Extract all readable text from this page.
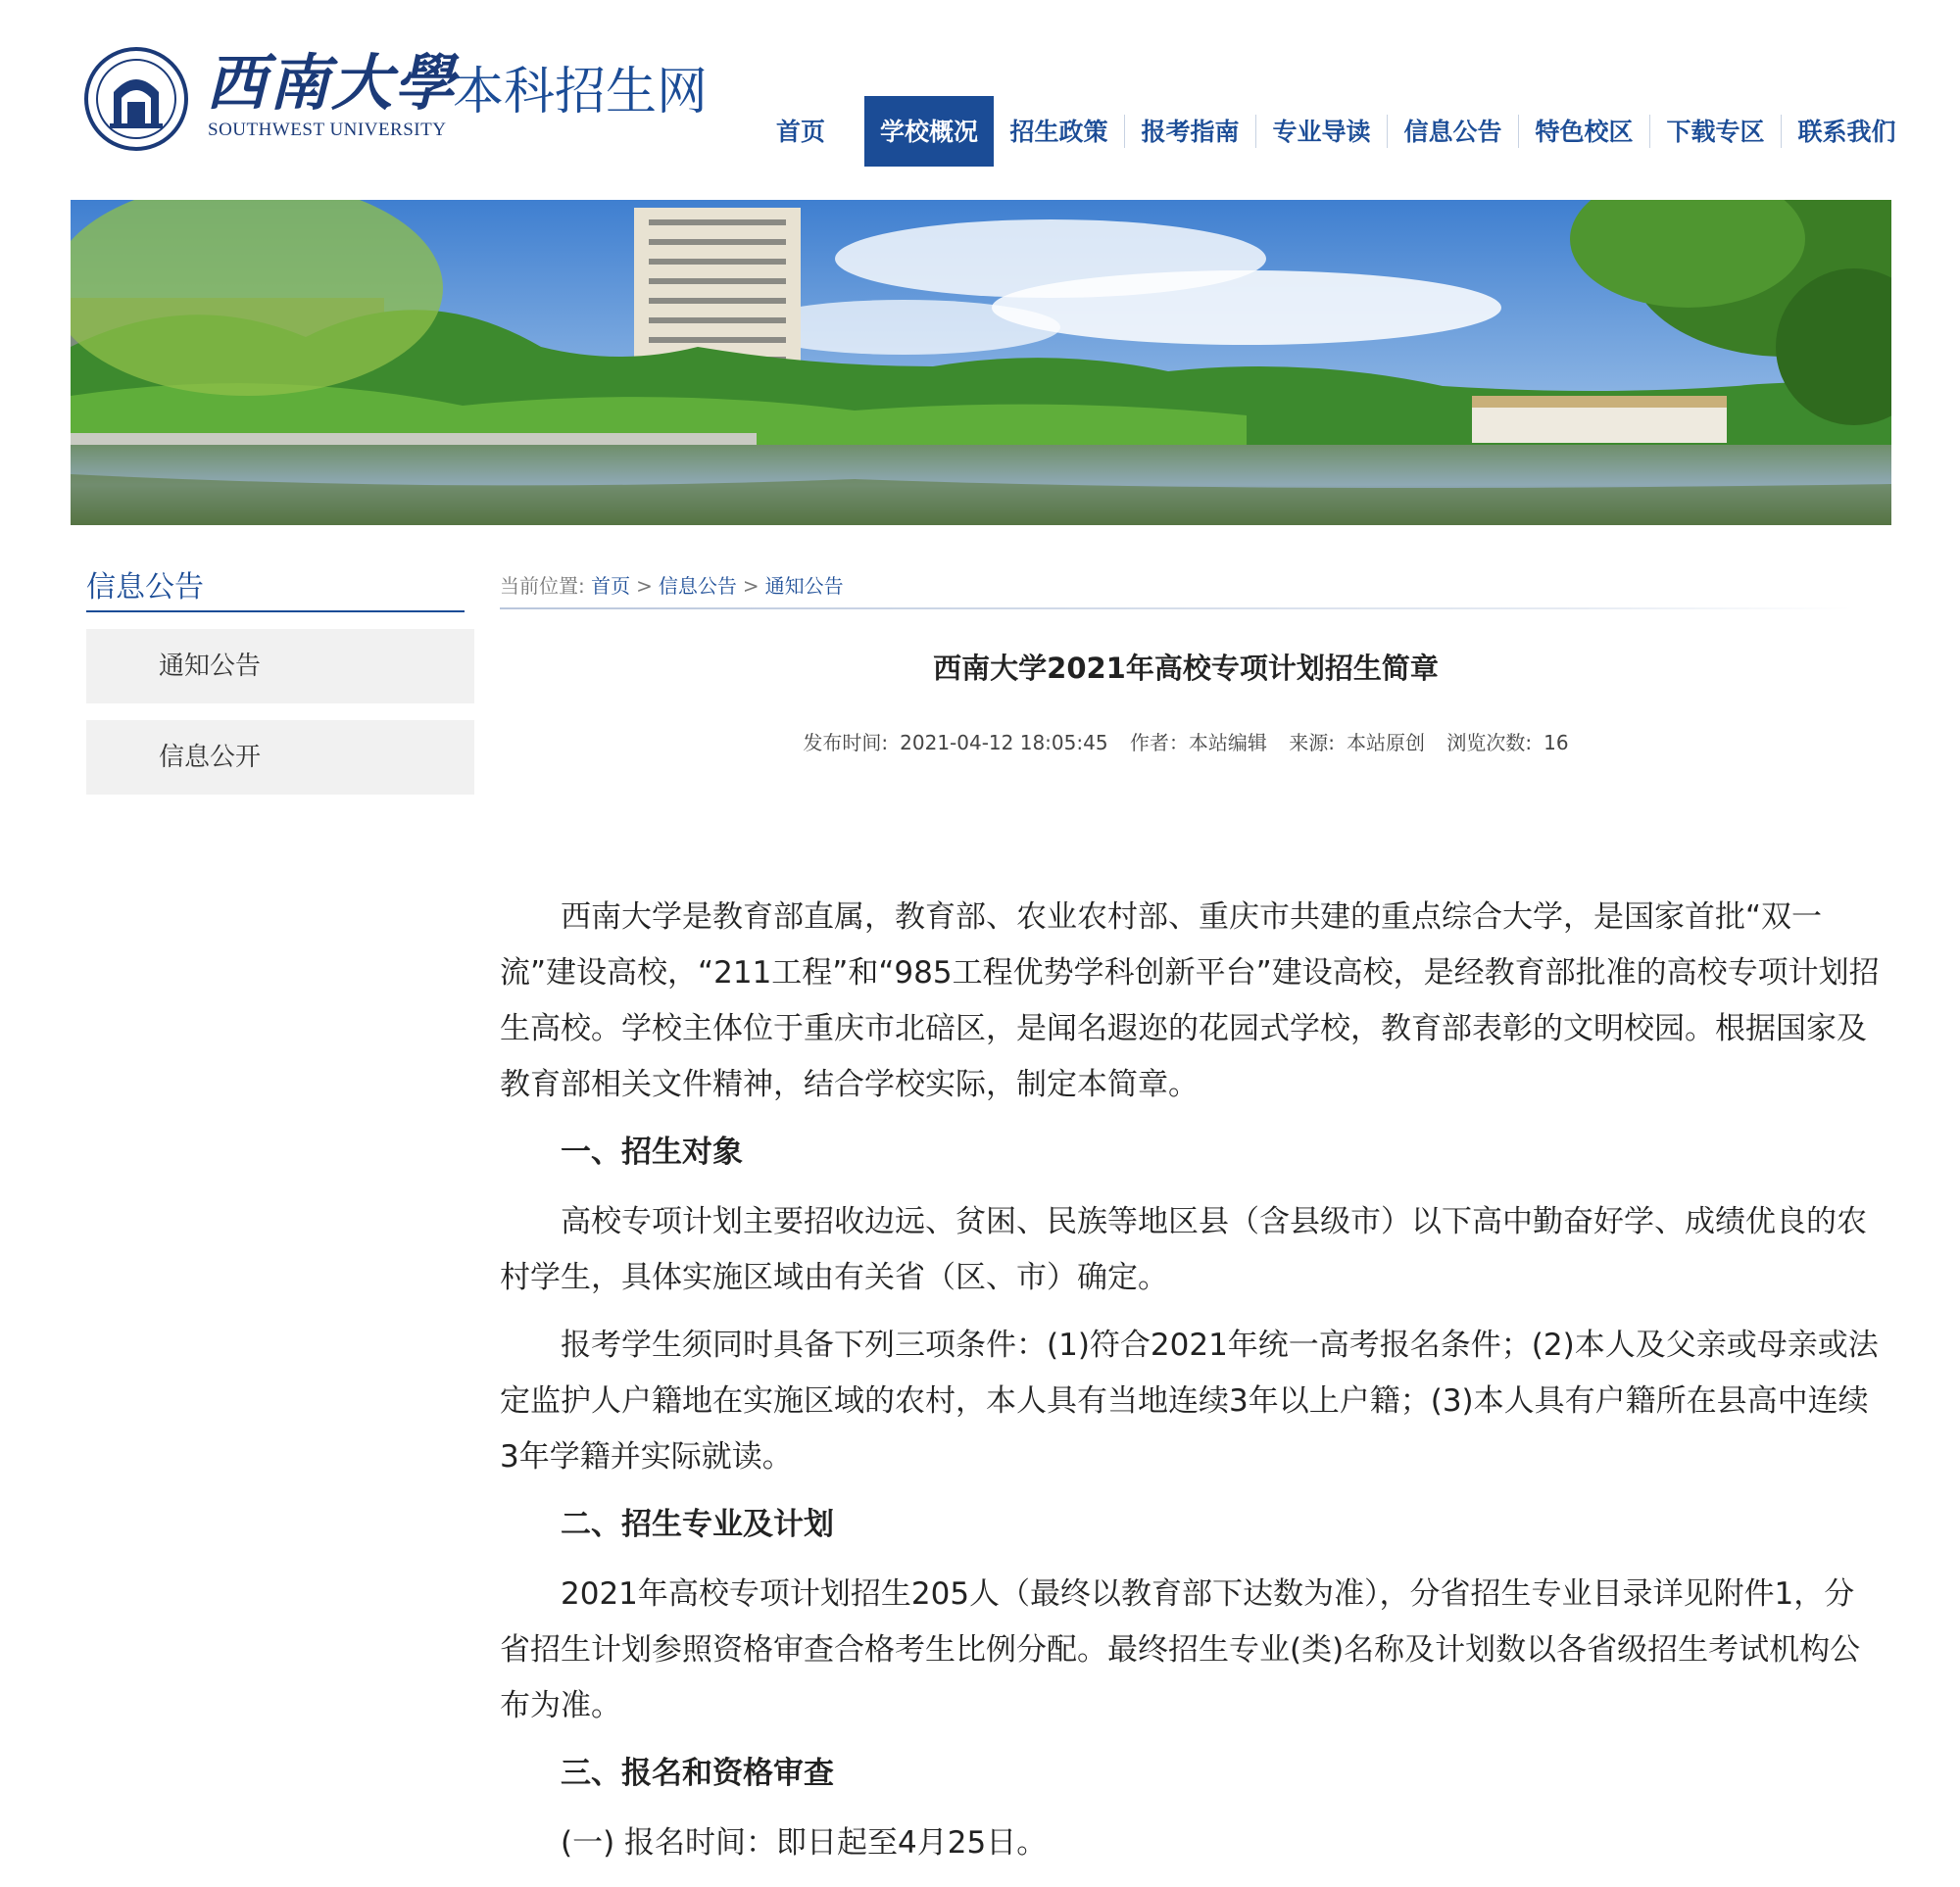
西南大學
SOUTHWEST UNIVERSITY
本科招生网
首页	学校概况	招生政策	报考指南	专业导读	信息公告	特色校区	下载专区	联系我们
信息公告
通知公告
信息公开
当前位置: 首页 > 信息公告 > 通知公告
西南大学2021年高校专项计划招生简章
发布时间: 2021-04-12 18:05:45 作者：本站编辑 来源: 本站原创 浏览次数: 16

西南大学是教育部直属，教育部、农业农村部、重庆市共建的重点综合大学，是国家首批“双一流”建设高校，“211工程”和“985工程优势学科创新平台”建设高校，是经教育部批准的高校专项计划招生高校。学校主体位于重庆市北碚区，是闻名遐迩的花园式学校，教育部表彰的文明校园。根据国家及教育部相关文件精神，结合学校实际，制定本简章。

一、招生对象

高校专项计划主要招收边远、贫困、民族等地区县（含县级市）以下高中勤奋好学、成绩优良的农村学生，具体实施区域由有关省（区、市）确定。

报考学生须同时具备下列三项条件：(1)符合2021年统一高考报名条件；(2)本人及父亲或母亲或法定监护人户籍地在实施区域的农村，本人具有当地连续3年以上户籍；(3)本人具有户籍所在县高中连续3年学籍并实际就读。

二、招生专业及计划

2021年高校专项计划招生205人（最终以教育部下达数为准），分省招生专业目录详见附件1，分省招生计划参照资格审查合格考生比例分配。最终招生专业(类)名称及计划数以各省级招生考试机构公布为准。

三、报名和资格审查

(一) 报名时间：即日起至4月25日。
